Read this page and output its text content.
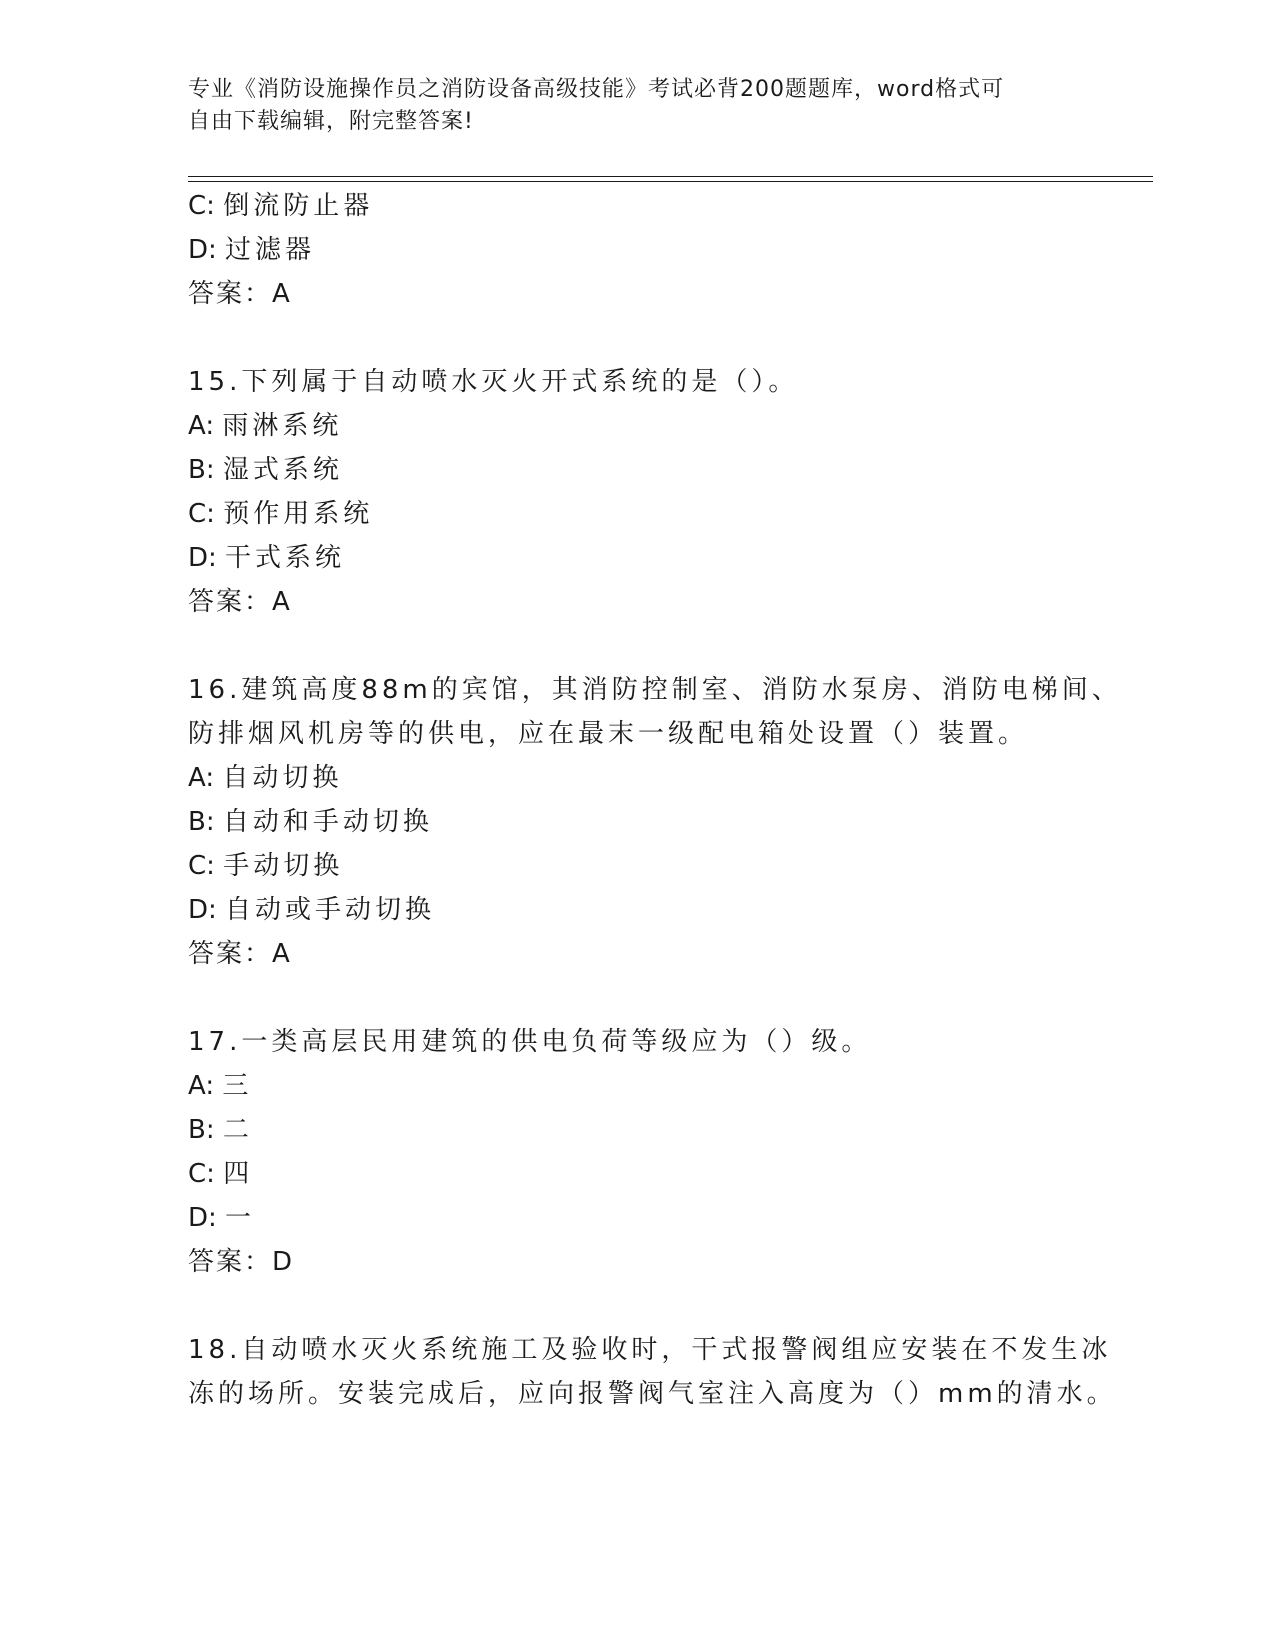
专业《消防设施操作员之消防设备高级技能》考试必背200题题库，word格式可
自由下载编辑，附完整答案!
C: 倒流防止器
D: 过滤器
答案：A
15.下列属于自动喷水灭火开式系统的是（）。
A: 雨淋系统
B: 湿式系统
C: 预作用系统
D: 干式系统
答案：A
16.建筑高度88m的宾馆，其消防控制室、消防水泵房、消防电梯间、
防排烟风机房等的供电，应在最末一级配电箱处设置（）装置。
A: 自动切换
B: 自动和手动切换
C: 手动切换
D: 自动或手动切换
答案：A
17.一类高层民用建筑的供电负荷等级应为（）级。
A: 三
B: 二
C: 四
D: 一
答案：D
18.自动喷水灭火系统施工及验收时，干式报警阀组应安装在不发生冰
冻的场所。安装完成后，应向报警阀气室注入高度为（）mm的清水。
